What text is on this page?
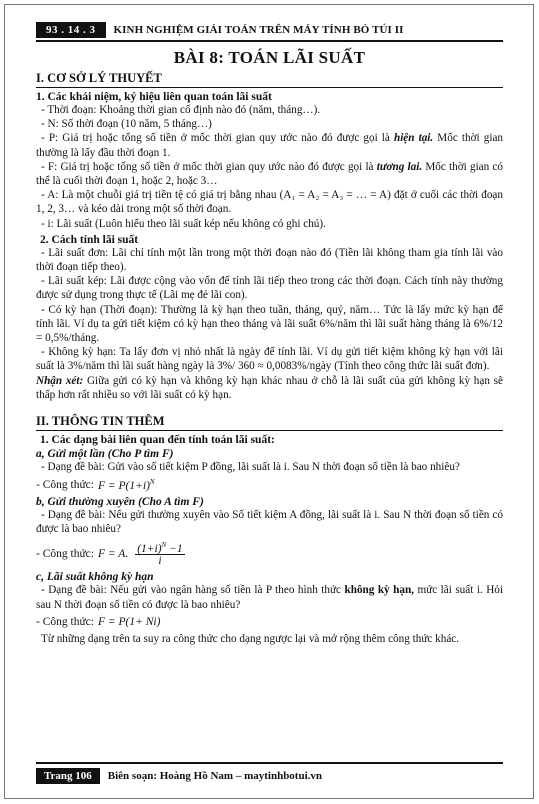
93 . 14 . 3	KINH NGHIỆM GIẢI TOÁN TRÊN MÁY TÍNH BỎ TÚI II
BÀI 8: TOÁN LÃI SUẤT
I. CƠ SỞ LÝ THUYẾT
1. Các khái niệm, ký hiệu liên quan toán lãi suất
- Thời đoạn: Khoảng thời gian cố định nào đó (năm, tháng…).
- N: Số thời đoạn (10 năm, 5 tháng…)
- P: Giá trị hoặc tổng số tiền ở mốc thời gian quy ước nào đó được gọi là hiện tại. Mốc thời gian thường là lấy đầu thời đoạn 1.
- F: Giá trị hoặc tổng số tiền ở mốc thời gian quy ước nào đó được gọi là tương lai. Mốc thời gian có thể là cuối thời đoạn 1, hoặc 2, hoặc 3…
- A: Là một chuỗi giá trị tiền tệ có giá trị bằng nhau (A₁ = A₂ = A₃ = … = A) đặt ở cuối các thời đoạn 1, 2, 3… và kéo dài trong một số thời đoạn.
- i: Lãi suất (Luôn hiểu theo lãi suất kép nếu không có ghi chú).
2. Cách tính lãi suất
- Lãi suất đơn: Lãi chỉ tính một lần trong một thời đoạn nào đó (Tiền lãi không tham gia tính lãi vào thời đoạn tiếp theo).
- Lãi suất kép: Lãi được cộng vào vốn để tính lãi tiếp theo trong các thời đoạn. Cách tính này thường được sử dụng trong thực tế (Lãi mẹ đẻ lãi con).
- Có kỳ hạn (Thời đoạn): Thường là kỳ hạn theo tuần, tháng, quý, năm… Tức là lấy mức kỳ hạn để tính lãi. Ví dụ ta gửi tiết kiệm có kỳ hạn theo tháng và lãi suất 6%/năm thì lãi suất hàng tháng là 6%/12 = 0,5%/tháng.
- Không kỳ hạn: Ta lấy đơn vị nhỏ nhất là ngày để tính lãi. Ví dụ gửi tiết kiệm không kỳ hạn với lãi suất là 3%/năm thì lãi suất hàng ngày là 3%/ 360 ≈ 0,0083%/ngày (Tính theo công thức lãi suất đơn).
Nhận xét: Giữa gửi có kỳ hạn và không kỳ hạn khác nhau ở chỗ là lãi suất của gửi không kỳ hạn sẽ thấp hơn rất nhiều so với lãi suất có kỳ hạn.
II. THÔNG TIN THÊM
1. Các dạng bài liên quan đến tính toán lãi suất:
a, Gửi một lần (Cho P tìm F)
- Dạng đề bài: Gửi vào số tiết kiệm P đồng, lãi suất là i. Sau N thời đoạn số tiền là bao nhiêu?
- Công thức: $F = P(1+i)^N$
b, Gửi thường xuyên (Cho A tìm F)
- Dạng đề bài: Nếu gửi thường xuyên vào Số tiết kiệm A đồng, lãi suất là i. Sau N thời đoạn số tiền có được là bao nhiêu?
- Công thức: F = A. $\frac{(1+i)^N -1}{i}$
c, Lãi suất không kỳ hạn
- Dạng đề bài: Nếu gửi vào ngân hàng số tiền là P theo hình thức không kỳ hạn, mức lãi suất i. Hỏi sau N thời đoạn số tiền có được là bao nhiêu?
- Công thức: F = P(1+ Ni)
Từ những dạng trên ta suy ra công thức cho dạng ngược lại và mở rộng thêm công thức khác.
Trang 106	Biên soạn: Hoàng Hồ Nam – maytinhbotui.vn
